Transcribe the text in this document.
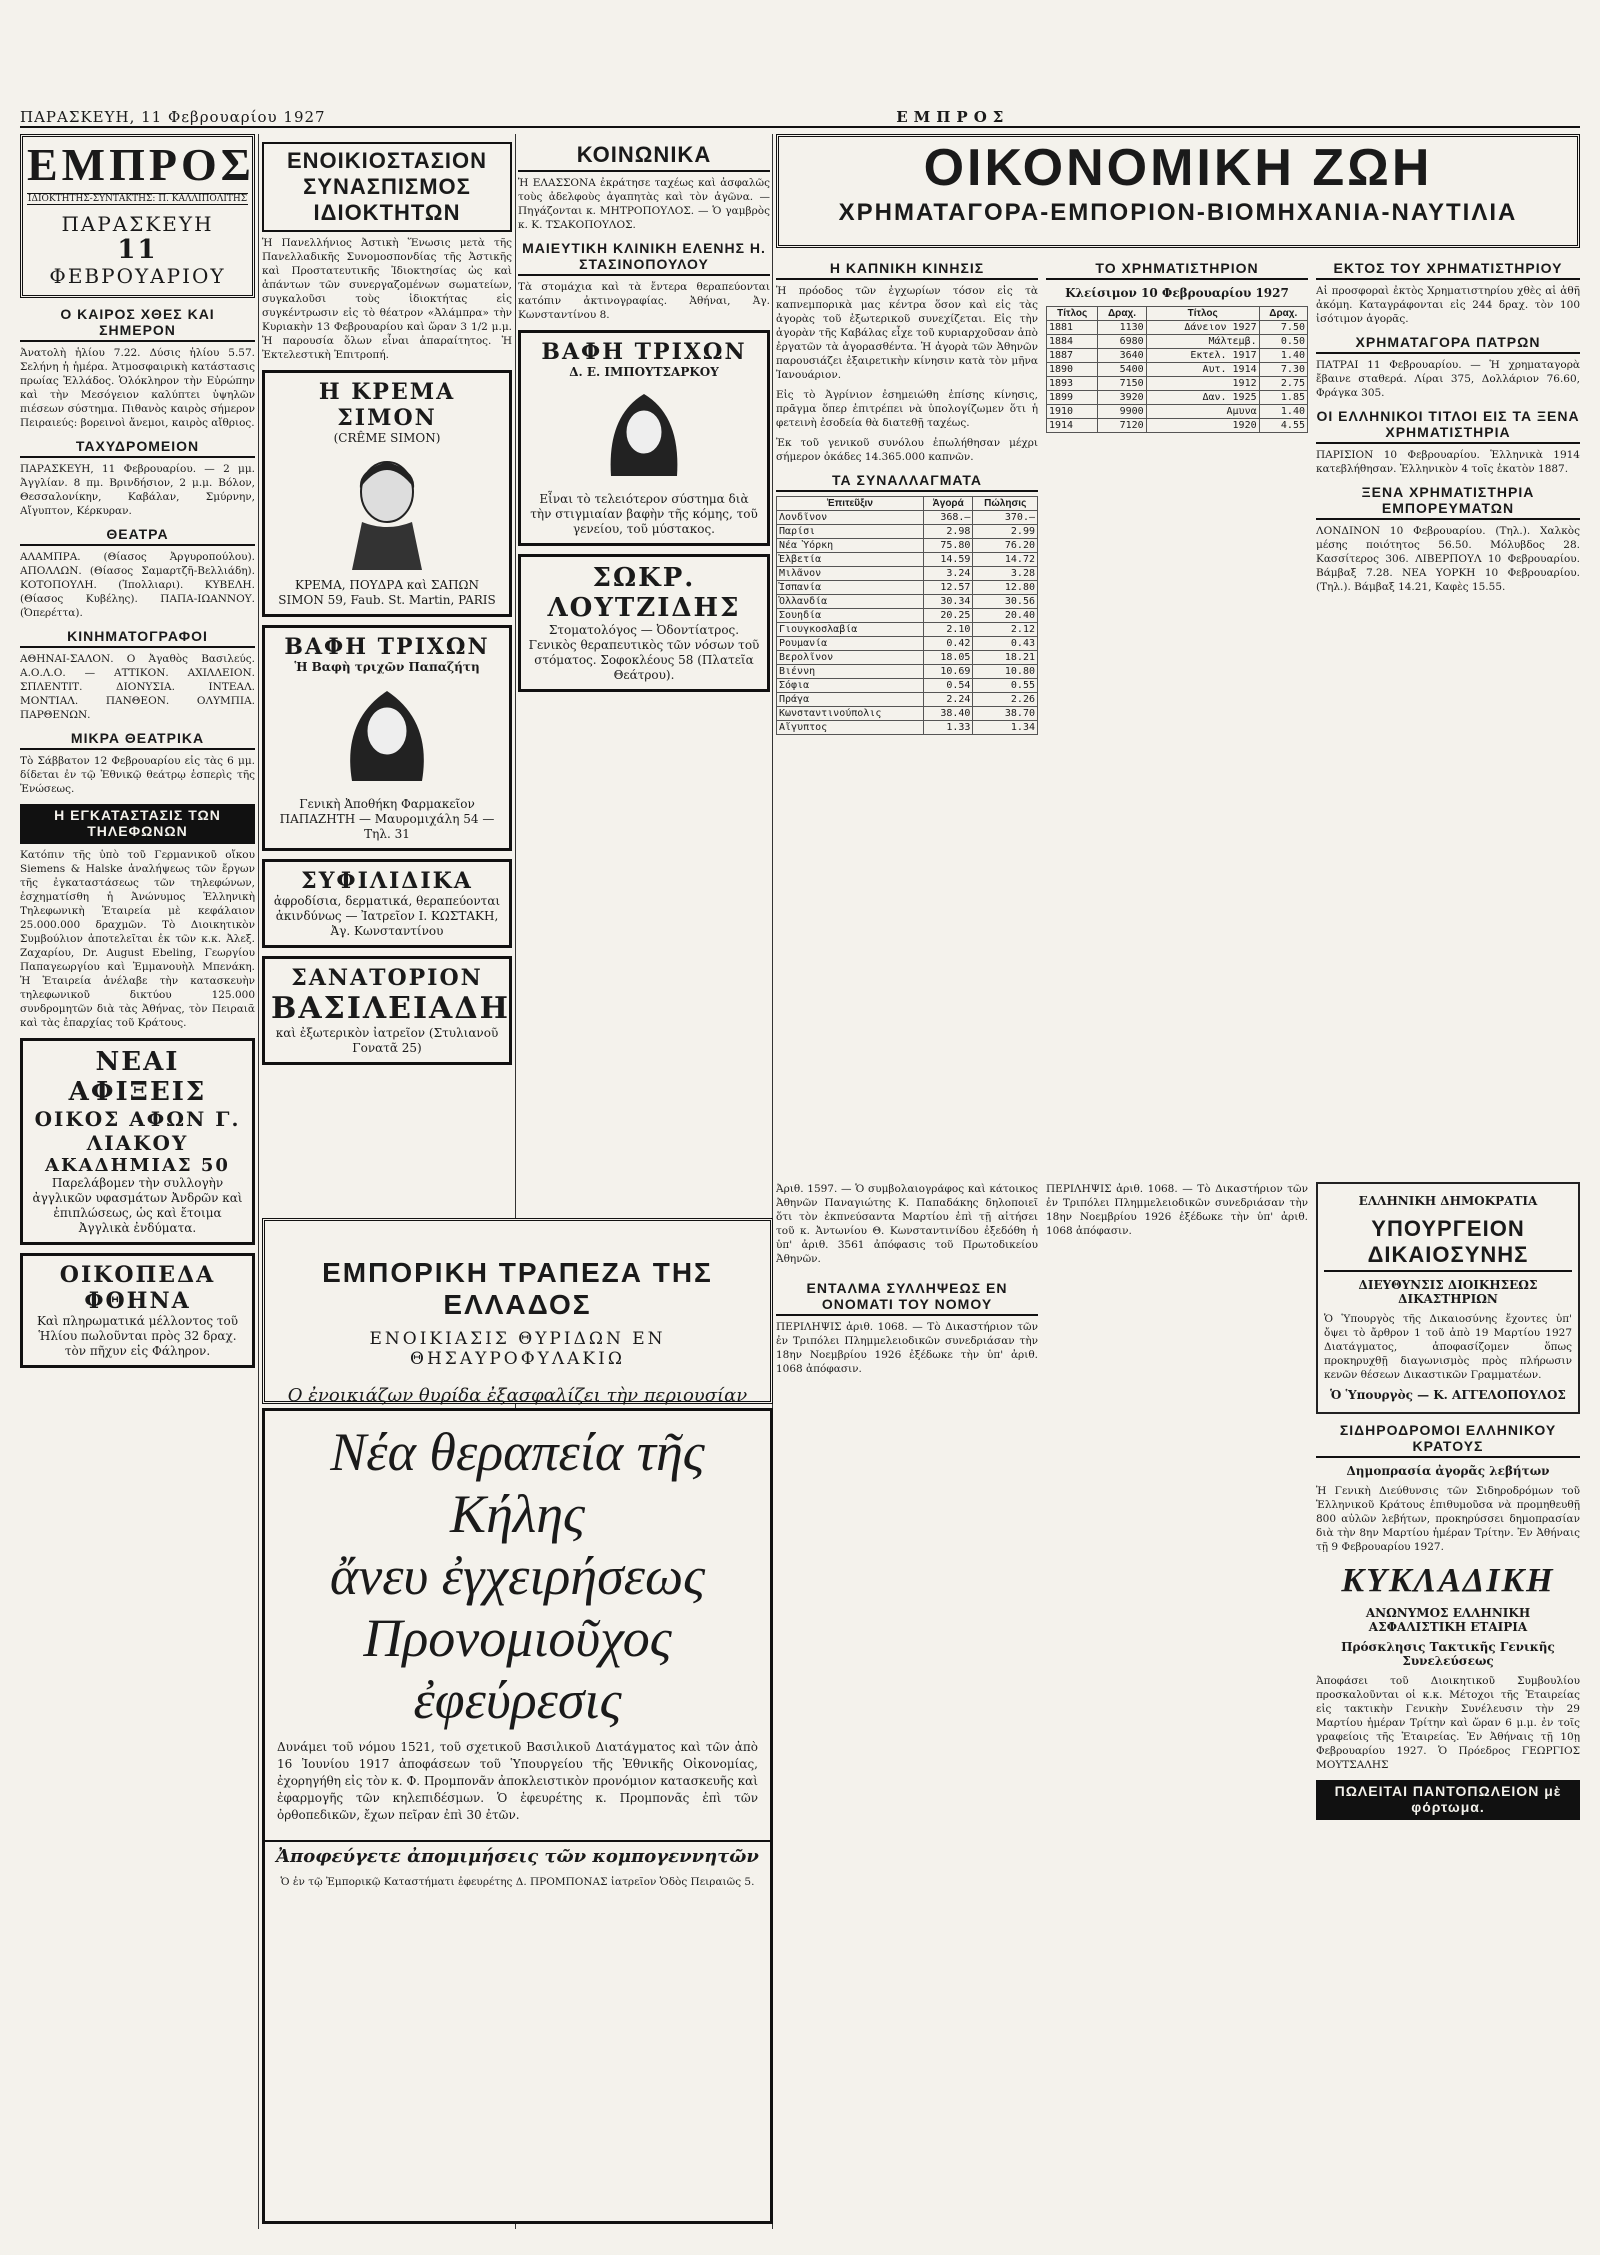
ΠΑΡΑΣΚΕΥΗ, 11 Φεβρουαρίου 1927	ΕΜΠΡΟΣ
ΕΜΠΡΟΣ
ΙΔΙΟΚΤΗΤΗΣ-ΣΥΝΤΑΚΤΗΣ: Π. ΚΑΛΛΙΠΟΛΙΤΗΣ
ΠΑΡΑΣΚΕΥΗ
11
ΦΕΒΡΟΥΑΡΙΟΥ
Ο ΚΑΙΡΟΣ ΧΘΕΣ ΚΑΙ ΣΗΜΕΡΟΝ
Ἀνατολὴ ἡλίου 7.22. Δύσις ἡλίου 5.57. Σελήνη ἡ ἡμέρα. Ἀτμοσφαιρικὴ κατάστασις πρωίας Ἑλλάδος. Ὁλόκληρον τὴν Εὐρώπην καὶ τὴν Μεσόγειον καλύπτει ὑψηλῶν πιέσεων σύστημα. Πιθανὸς καιρὸς σήμερον Πειραιεύς: βορεινοὶ ἄνεμοι, καιρὸς αἴθριος.
ΤΑΧΥΔΡΟΜΕΙΟΝ
ΠΑΡΑΣΚΕΥΗ, 11 Φεβρουαρίου. — 2 μμ. Ἀγγλίαν. 8 πμ. Βρινδήσιον, 2 μ.μ. Βόλον, Θεσσαλονίκην, Καβάλαν, Σμύρνην, Αἴγυπτον, Κέρκυραν.
ΘΕΑΤΡΑ
ΑΛΑΜΠΡΑ. (Θίασος Ἀργυροπούλου). ΑΠΟΛΛΩΝ. (Θίασος Σαμαρτζῆ-Βελλιάδη). ΚΟΤΟΠΟΥΛΗ. (Ἰπολλιαρι). ΚΥΒΕΛΗ. (Θίασος Κυβέλης). ΠΑΠΑ-ΙΩΑΝΝΟΥ. (Ὀπερέττα).
ΚΙΝΗΜΑΤΟΓΡΑΦΟΙ
ΑΘΗΝΑΙ-ΣΑΛΟΝ. Ο Ἀγαθὸς Βασιλεύς. Α.Ο.Λ.Ο. — ΑΤΤΙΚΟΝ. ΑΧΙΛΛΕΙΟΝ. ΣΠΛΕΝΤΙΤ. ΔΙΟΝΥΣΙΑ. ΙΝΤΕΑΛ. ΜΟΝΤΙΑΛ. ΠΑΝΘΕΟΝ. ΟΛΥΜΠΙΑ. ΠΑΡΘΕΝΩΝ.
ΜΙΚΡΑ ΘΕΑΤΡΙΚΑ
Τὸ Σάββατον 12 Φεβρουαρίου εἰς τὰς 6 μμ. δίδεται ἐν τῷ Ἐθνικῷ θεάτρῳ ἑσπερὶς τῆς Ἐνώσεως.
Η ΕΓΚΑΤΑΣΤΑΣΙΣ ΤΩΝ ΤΗΛΕΦΩΝΩΝ
Κατόπιν τῆς ὑπὸ τοῦ Γερμανικοῦ οἴκου Siemens & Halske ἀναλήψεως τῶν ἔργων τῆς ἐγκαταστάσεως τῶν τηλεφώνων, ἐσχηματίσθη ἡ Ἀνώνυμος Ἑλληνικὴ Τηλεφωνικὴ Ἑταιρεία μὲ κεφάλαιον 25.000.000 δραχμῶν. Τὸ Διοικητικὸν Συμβούλιον ἀποτελεῖται ἐκ τῶν κ.κ. Ἀλεξ. Ζαχαρίου, Dr. August Ebeling, Γεωργίου Παπαγεωργίου καὶ Ἐμμανουὴλ Μπενάκη. Ἡ Ἑταιρεία ἀνέλαβε τὴν κατασκευὴν τηλεφωνικοῦ δικτύου 125.000 συνδρομητῶν διὰ τὰς Ἀθήνας, τὸν Πειραιᾶ καὶ τὰς ἐπαρχίας τοῦ Κράτους.
ΝΕΑΙ ΑΦΙΞΕΙΣ
ΟΙΚΟΣ ΑΦΩΝ Γ. ΛΙΑΚΟΥ
ΑΚΑΔΗΜΙΑΣ 50
Παρελάβομεν τὴν συλλογὴν ἀγγλικῶν υφασμάτων Ἀνδρῶν καὶ ἐπιπλώσεως, ὡς καὶ ἔτοιμα Ἀγγλικὰ ἐνδύματα.
ΟΙΚΟΠΕΔΑ ΦΘΗΝΑ
Καὶ πληρωματικά μέλλοντος τοῦ Ἡλίου πωλοῦνται πρὸς 32 δραχ. τὸν πῆχυν εἰς Φάληρον.
ΕΝΟΙΚΙΟΣΤΑΣΙΟΝ ΣΥΝΑΣΠΙΣΜΟΣ ΙΔΙΟΚΤΗΤΩΝ
Ἡ Πανελλήνιος Ἀστικὴ Ἕνωσις μετὰ τῆς Πανελλαδικῆς Συνομοσπονδίας τῆς Ἀστικῆς καὶ Προστατευτικῆς Ἰδιοκτησίας ὡς καὶ ἁπάντων τῶν συνεργαζομένων σωματείων, συγκαλοῦσι τοὺς ἰδιοκτήτας εἰς συγκέντρωσιν εἰς τὸ θέατρον «Ἀλάμπρα» τὴν Κυριακὴν 13 Φεβρουαρίου καὶ ὥραν 3 1/2 μ.μ. Ἡ παρουσία ὅλων εἶναι ἀπαραίτητος. Ἡ Ἐκτελεστικὴ Ἐπιτροπή.
Η ΚΡΕΜΑ ΣΙΜΟΝ
(CRÊME SIMON)
ΚΡΕΜΑ, ΠΟΥΔΡΑ καὶ ΣΑΠΩΝ SIMON 59, Faub. St. Martin, PARIS
ΒΑΦΗ ΤΡΙΧΩΝ
Ἡ Βαφὴ τριχῶν Παπαζήτη
Γενικὴ Ἀποθήκη Φαρμακεῖον ΠΑΠΑΖΗΤΗ — Μαυρομιχάλη 54 — Τηλ. 31
ΣΥΦΙΛΙΔΙΚΑ
ἀφροδίσια, δερματικά, θεραπεύονται ἀκινδύνως — Ἰατρεῖον Ι. ΚΩΣΤΑΚΗ, Ἀγ. Κωνσταντίνου
ΣΑΝΑΤΟΡΙΟΝ
ΒΑΣΙΛΕΙΑΔΗ
καὶ ἐξωτερικὸν ἰατρεῖον (Στυλιανοῦ Γονατᾶ 25)
ΚΟΙΝΩΝΙΚΑ
Ἡ ΕΛΑΣΣΟΝΑ ἐκράτησε ταχέως καὶ ἀσφαλῶς τοὺς ἀδελφοὺς ἀγαπητὰς καὶ τὸν ἀγῶνα. — Πηγάζονται κ. ΜΗΤΡΟΠΟΥΛΟΣ. — Ὁ γαμβρὸς κ. Κ. ΤΣΑΚΟΠΟΥΛΟΣ.
ΜΑΙΕΥΤΙΚΗ ΚΛΙΝΙΚΗ ΕΛΕΝΗΣ Η. ΣΤΑΣΙΝΟΠΟΥΛΟΥ
Τὰ στομάχια καὶ τὰ ἔντερα θεραπεύονται κατόπιν ἀκτινογραφίας. Ἀθήναι, Ἀγ. Κωνσταντίνου 8.
ΒΑΦΗ ΤΡΙΧΩΝ
Δ. Ε. ΙΜΠΟΥΤΣΑΡΚΟΥ
Εἶναι τὸ τελειότερον σύστημα διὰ τὴν στιγμιαίαν βαφὴν τῆς κόμης, τοῦ γενείου, τοῦ μύστακος.
ΣΩΚΡ. ΛΟΥΤΖΙΔΗΣ
Στοματολόγος — Ὀδοντίατρος. Γενικὸς θεραπευτικὸς τῶν νόσων τοῦ στόματος. Σοφοκλέους 58 (Πλατεῖα Θεάτρου).
ΕΜΠΟΡΙΚΗ ΤΡΑΠΕΖΑ ΤΗΣ ΕΛΛΑΔΟΣ
ΕΝΟΙΚΙΑΣΙΣ ΘΥΡΙΔΩΝ ΕΝ ΘΗΣΑΥΡΟΦΥΛΑΚΙΩ
Ο ἐνοικιάζων θυρίδα ἐξασφαλίζει τὴν περιουσίαν
Νέα θεραπεία τῆς Κήλης
ἄνευ ἐγχειρήσεως
Προνομιοῦχος ἐφεύρεσις
Δυνάμει τοῦ νόμου 1521, τοῦ σχετικοῦ Βασιλικοῦ Διατάγματος καὶ τῶν ἀπὸ 16 Ἰουνίου 1917 ἀποφάσεων τοῦ Ὑπουργείου τῆς Ἐθνικῆς Οἰκονομίας, ἐχορηγήθη εἰς τὸν κ. Φ. Προμπονᾶν ἀποκλειστικὸν προνόμιον κατασκευῆς καὶ ἐφαρμογῆς τῶν κηλεπιδέσμων. Ὁ ἐφευρέτης κ. Προμπονᾶς ἐπὶ τῶν ὀρθοπεδικῶν, ἔχων πεῖραν ἐπὶ 30 ἐτῶν.
Ἀποφεύγετε ἀπομιμήσεις τῶν κομπογεννητῶν
Ὁ ἐν τῷ Ἐμπορικῷ Καταστήματι ἐφευρέτης Δ. ΠΡΟΜΠΟΝΑΣ ἰατρεῖον Ὁδὸς Πειραιῶς 5.
ΟΙΚΟΝΟΜΙΚΗ ΖΩΗ
ΧΡΗΜΑΤΑΓΟΡΑ-ΕΜΠΟΡΙΟΝ-ΒΙΟΜΗΧΑΝΙΑ-ΝΑΥΤΙΛΙΑ
Η ΚΑΠΝΙΚΗ ΚΙΝΗΣΙΣ
Ἡ πρόοδος τῶν ἐγχωρίων τόσον εἰς τὰ καπνεμπορικὰ μας κέντρα ὅσον καὶ εἰς τὰς ἀγορὰς τοῦ ἐξωτερικοῦ συνεχίζεται. Εἰς τὴν ἀγορὰν τῆς Καβάλας εἶχε τοῦ κυριαρχοῦσαν ἀπὸ ἐργατῶν τὰ ἀγορασθέντα. Ἡ ἀγορὰ τῶν Ἀθηνῶν παρουσιάζει ἐξαιρετικὴν κίνησιν κατὰ τὸν μῆνα Ἰανουάριον.
Εἰς τὸ Ἀγρίνιον ἐσημειώθη ἐπίσης κίνησις, πρᾶγμα ὅπερ ἐπιτρέπει νὰ ὑπολογίζωμεν ὅτι ἡ φετεινὴ ἐσοδεία θὰ διατεθῇ ταχέως.
Ἐκ τοῦ γενικοῦ συνόλου ἐπωλήθησαν μέχρι σήμερον ὀκάδες 14.365.000 καπνῶν.
ΤΑ ΣΥΝΑΛΛΑΓΜΑΤΑ
Ἐπιτεῦξιν	Ἀγορά	Πώλησις
Λονδῖνον	368.—	370.—
Παρίσι	2.98	2.99
Νέα Ὑόρκη	75.80	76.20
Ἑλβετία	14.59	14.72
Μιλᾶνον	3.24	3.28
Ἰσπανία	12.57	12.80
Ὁλλανδία	30.34	30.56
Σουηδία	20.25	20.40
Γιουγκοσλαβία	2.10	2.12
Ρουμανία	0.42	0.43
Βερολῖνον	18.05	18.21
Βιέννη	10.69	10.80
Σόφια	0.54	0.55
Πράγα	2.24	2.26
Κωνσταντινούπολις	38.40	38.70
Αἴγυπτος	1.33	1.34
ΤΟ ΧΡΗΜΑΤΙΣΤΗΡΙΟΝ
Κλείσιμον 10 Φεβρουαρίου 1927
Τίτλος	Δραχ.	Τίτλος	Δραχ.
1881	1130	Δάνειον 1927	7.50
1884	6980	Μάλτεμβ.	0.50
1887	3640	Εκτελ. 1917	1.40
1890	5400	Αυτ. 1914	7.30
1893	7150	1912	2.75
1899	3920	Δαν. 1925	1.85
1910	9900	Αμυνα	1.40
1914	7120	1920	4.55
ΕΚΤΟΣ ΤΟΥ ΧΡΗΜΑΤΙΣΤΗΡΙΟΥ
Αἱ προσφοραὶ ἐκτὸς Χρηματιστηρίου χθὲς αἱ ἀθῆ ἀκόμη. Καταγράφονται εἰς 244 δραχ. τὸν 100 ἰσότιμον ἀγορᾶς.
ΧΡΗΜΑΤΑΓΟΡΑ ΠΑΤΡΩΝ
ΠΑΤΡΑΙ 11 Φεβρουαρίου. — Ἡ χρηματαγορὰ ἔβαινε σταθερά. Λίραι 375, Δολλάριον 76.60, Φράγκα 305.
ΟΙ ΕΛΛΗΝΙΚΟΙ ΤΙΤΛΟΙ ΕΙΣ ΤΑ ΞΕΝΑ ΧΡΗΜΑΤΙΣΤΗΡΙΑ
ΠΑΡΙΣΙΟΝ 10 Φεβρουαρίου. Ἑλληνικὰ 1914 κατεβλήθησαν. Ἑλληνικὸν 4 τοῖς ἑκατὸν 1887.
ΞΕΝΑ ΧΡΗΜΑΤΙΣΤΗΡΙΑ ΕΜΠΟΡΕΥΜΑΤΩΝ
ΛΟΝΔΙΝΟΝ 10 Φεβρουαρίου. (Τηλ.). Χαλκὸς μέσης ποιότητος 56.50. Μόλυβδος 28. Κασσίτερος 306. ΛΙΒΕΡΠΟΥΛ 10 Φεβρουαρίου. Βάμβαξ 7.28. ΝΕΑ ΥΟΡΚΗ 10 Φεβρουαρίου. (Τηλ.). Βάμβαξ 14.21, Καφὲς 15.55.
Ἀριθ. 1597. — Ὁ συμβολαιογράφος καὶ κάτοικος Ἀθηνῶν Παναγιώτης Κ. Παπαδάκης δηλοποιεῖ ὅτι τὸν ἐκπνεύσαντα Μαρτίου ἐπὶ τῇ αἰτήσει τοῦ κ. Ἀντωνίου Θ. Κωνσταντινίδου ἐξεδόθη ἡ ὑπ' ἀριθ. 3561 ἀπόφασις τοῦ Πρωτοδικείου Ἀθηνῶν.
ΕΝΤΑΛΜΑ ΣΥΛΛΗΨΕΩΣ ΕΝ ΟΝΟΜΑΤΙ ΤΟΥ ΝΟΜΟΥ
ΠΕΡΙΛΗΨΙΣ ἀριθ. 1068. — Τὸ Δικαστήριον τῶν ἐν Τριπόλει Πλημμελειοδικῶν συνεδριάσαν τὴν 18ην Νοεμβρίου 1926 ἐξέδωκε τὴν ὑπ' ἀριθ. 1068 ἀπόφασιν.
ΠΕΡΙΛΗΨΙΣ ἀριθ. 1068. — Τὸ Δικαστήριον τῶν ἐν Τριπόλει Πλημμελειοδικῶν συνεδριάσαν τὴν 18ην Νοεμβρίου 1926 ἐξέδωκε τὴν ὑπ' ἀριθ. 1068 ἀπόφασιν.
ΕΛΛΗΝΙΚΗ ΔΗΜΟΚΡΑΤΙΑ
ΥΠΟΥΡΓΕΙΟΝ ΔΙΚΑΙΟΣΥΝΗΣ
ΔΙΕΥΘΥΝΣΙΣ ΔΙΟΙΚΗΣΕΩΣ ΔΙΚΑΣΤΗΡΙΩΝ
Ὁ Ὑπουργὸς τῆς Δικαιοσύνης ἔχοντες ὑπ' ὄψει τὸ ἄρθρον 1 τοῦ ἀπὸ 19 Μαρτίου 1927 Διατάγματος, ἀποφασίζομεν ὅπως προκηρυχθῇ διαγωνισμὸς πρὸς πλήρωσιν κενῶν θέσεων Δικαστικῶν Γραμματέων.
Ὁ Ὑπουργὸς — Κ. ΑΓΓΕΛΟΠΟΥΛΟΣ
ΣΙΔΗΡΟΔΡΟΜΟΙ ΕΛΛΗΝΙΚΟΥ ΚΡΑΤΟΥΣ
Δημοπρασία ἀγορᾶς λεβήτων
Ἡ Γενικὴ Διεύθυνσις τῶν Σιδηροδρόμων τοῦ Ἑλληνικοῦ Κράτους ἐπιθυμοῦσα νὰ προμηθευθῇ 800 αὐλῶν λεβήτων, προκηρύσσει δημοπρασίαν διὰ τὴν 8ην Μαρτίου ἡμέραν Τρίτην. Ἐν Ἀθήναις τῇ 9 Φεβρουαρίου 1927.
ΚΥΚΛΑΔΙΚΗ
ΑΝΩΝΥΜΟΣ ΕΛΛΗΝΙΚΗ ΑΣΦΑΛΙΣΤΙΚΗ ΕΤΑΙΡΙΑ
Πρόσκλησις Τακτικῆς Γενικῆς Συνελεύσεως
Ἀποφάσει τοῦ Διοικητικοῦ Συμβουλίου προσκαλοῦνται οἱ κ.κ. Μέτοχοι τῆς Ἑταιρείας εἰς τακτικὴν Γενικὴν Συνέλευσιν τὴν 29 Μαρτίου ἡμέραν Τρίτην καὶ ὥραν 6 μ.μ. ἐν τοῖς γραφείοις τῆς Ἑταιρείας. Ἐν Ἀθήναις τῇ 10ῃ Φεβρουαρίου 1927. Ὁ Πρόεδρος ΓΕΩΡΓΙΟΣ ΜΟΥΤΣΑΛΗΣ
ΠΩΛΕΙΤΑΙ ΠΑΝΤΟΠΩΛΕΙΟΝ μὲ φόρτωμα.
